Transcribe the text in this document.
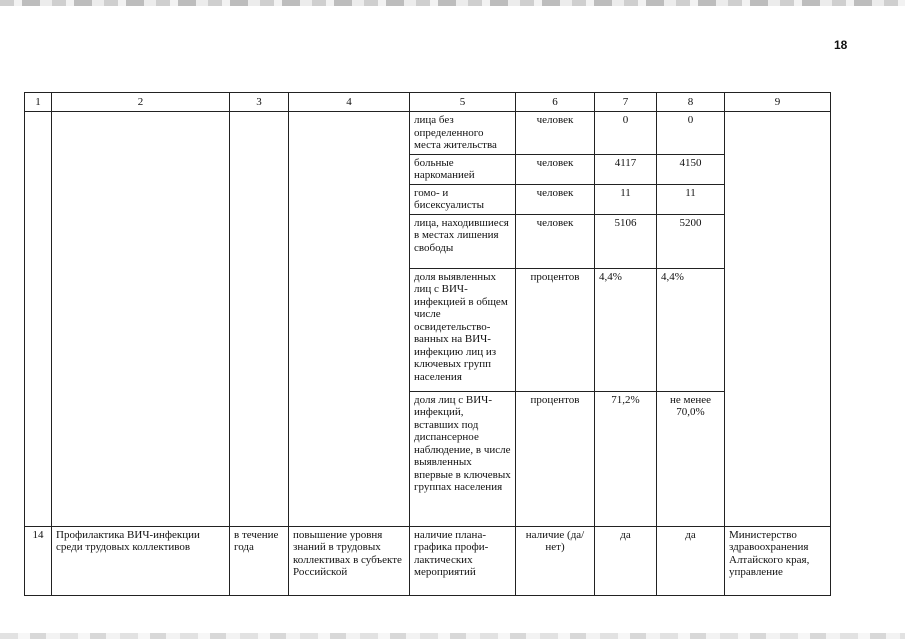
18
1	2	3	4	5	6	7	8	9
				лица без определенного места жительства	человек	0	0	
				больные наркоманией	человек	4117	4150	
				гомо- и бисексуалисты	человек	11	11	
				лица, находившиеся в местах лишения свободы	человек	5106	5200	
				доля выявленных лиц с ВИЧ-инфекцией в общем числе освидетельство-ванных на ВИЧ-инфекцию лиц из ключевых групп населения	процентов	4,4%	4,4%	
				доля лиц с ВИЧ-инфекций, вставших под диспансерное наблюдение, в числе выявленных впервые в ключевых группах населения	процентов	71,2%	не менее 70,0%	
14	Профилактика ВИЧ-инфекции среди трудовых коллективов	в течение года	повышение уровня знаний в трудовых коллективах в субъекте Российской	наличие плана-графика профи-лактических мероприятий	наличие (да/нет)	да	да	Министерство здравоохранения Алтайского края, управление
